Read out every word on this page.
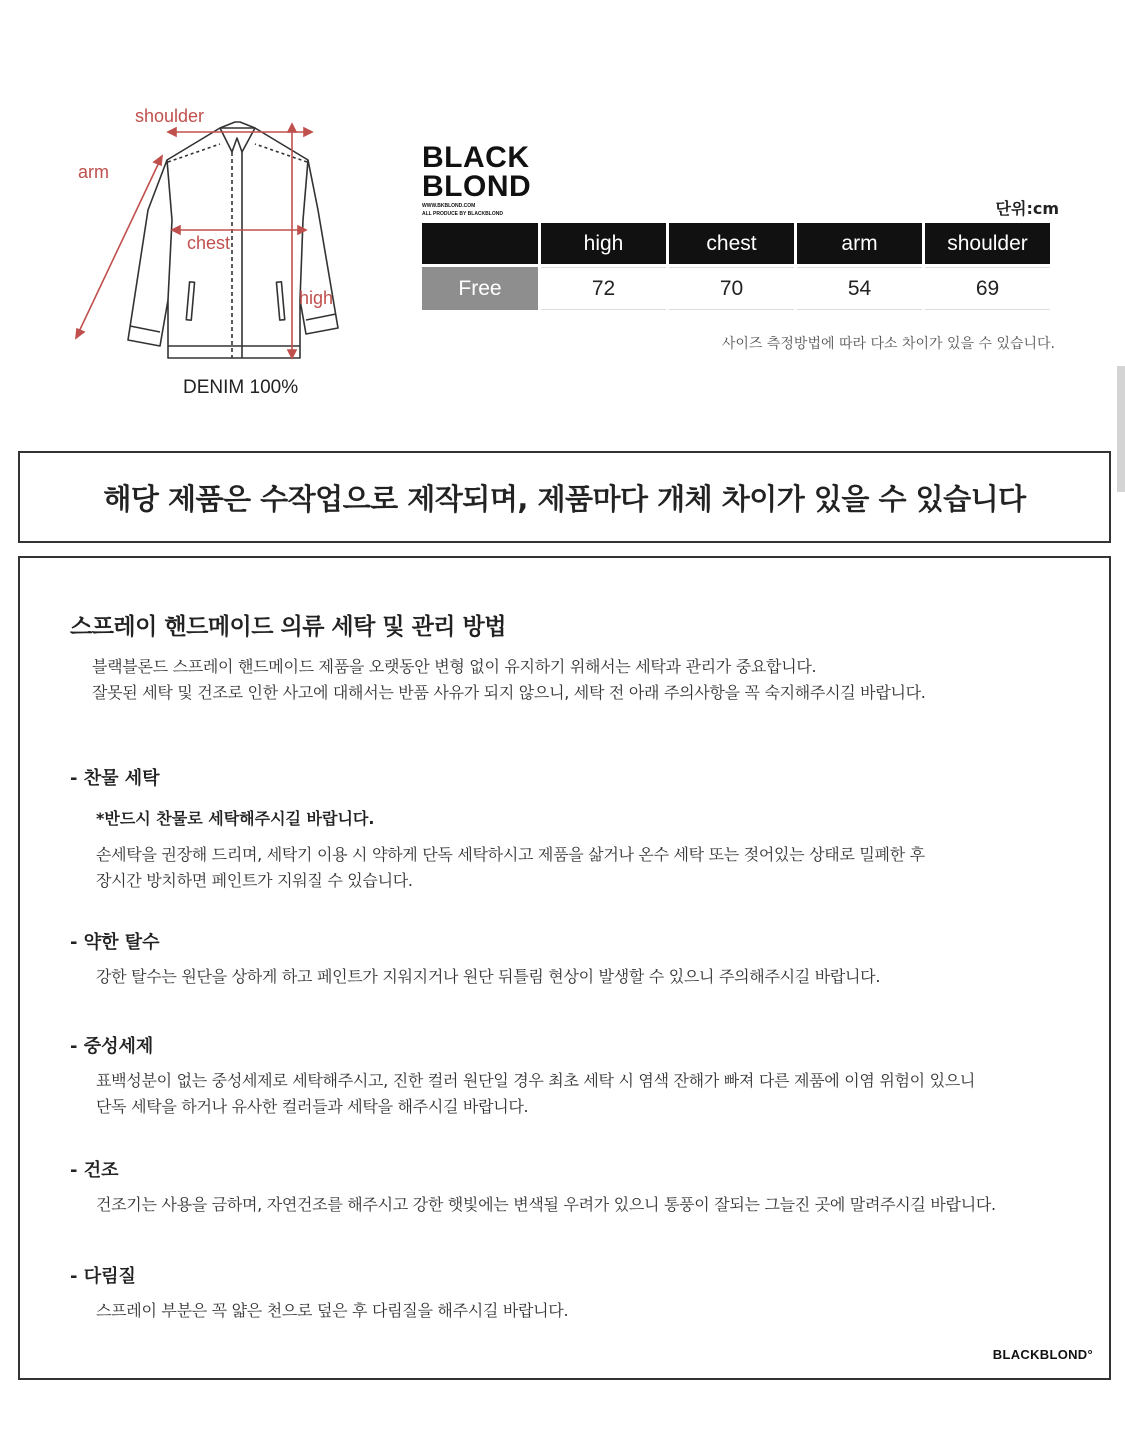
shoulder
arm
chest
high
DENIM 100%
BLACK
BLOND
WWW.BKBLOND.COM
ALL PRODUCE BY BLACKBLOND	단위:cm
	high	chest	arm	shoulder
Free	72	70	54	69
사이즈 측정방법에 따라 다소 차이가 있을 수 있습니다.
해당 제품은 수작업으로 제작되며, 제품마다 개체 차이가 있을 수 있습니다
스프레이 핸드메이드 의류 세탁 및 관리 방법
블랙블론드 스프레이 핸드메이드 제품을 오랫동안 변형 없이 유지하기 위해서는 세탁과 관리가 중요합니다.
잘못된 세탁 및 건조로 인한 사고에 대해서는 반품 사유가 되지 않으니, 세탁 전 아래 주의사항을 꼭 숙지해주시길 바랍니다.
- 찬물 세탁
*반드시 찬물로 세탁해주시길 바랍니다.
손세탁을 권장해 드리며, 세탁기 이용 시 약하게 단독 세탁하시고 제품을 삶거나 온수 세탁 또는 젖어있는 상태로 밀폐한 후
장시간 방치하면 페인트가 지워질 수 있습니다.
- 약한 탈수
강한 탈수는 원단을 상하게 하고 페인트가 지워지거나 원단 뒤틀림 현상이 발생할 수 있으니 주의해주시길 바랍니다.
- 중성세제
표백성분이 없는 중성세제로 세탁해주시고, 진한 컬러 원단일 경우 최초 세탁 시 염색 잔해가 빠져 다른 제품에 이염 위험이 있으니
단독 세탁을 하거나 유사한 컬러들과 세탁을 해주시길 바랍니다.
- 건조
건조기는 사용을 금하며, 자연건조를 해주시고 강한 햇빛에는 변색될 우려가 있으니 통풍이 잘되는 그늘진 곳에 말려주시길 바랍니다.
- 다림질
스프레이 부분은 꼭 얇은 천으로 덮은 후 다림질을 해주시길 바랍니다.
BLACKBLOND°
